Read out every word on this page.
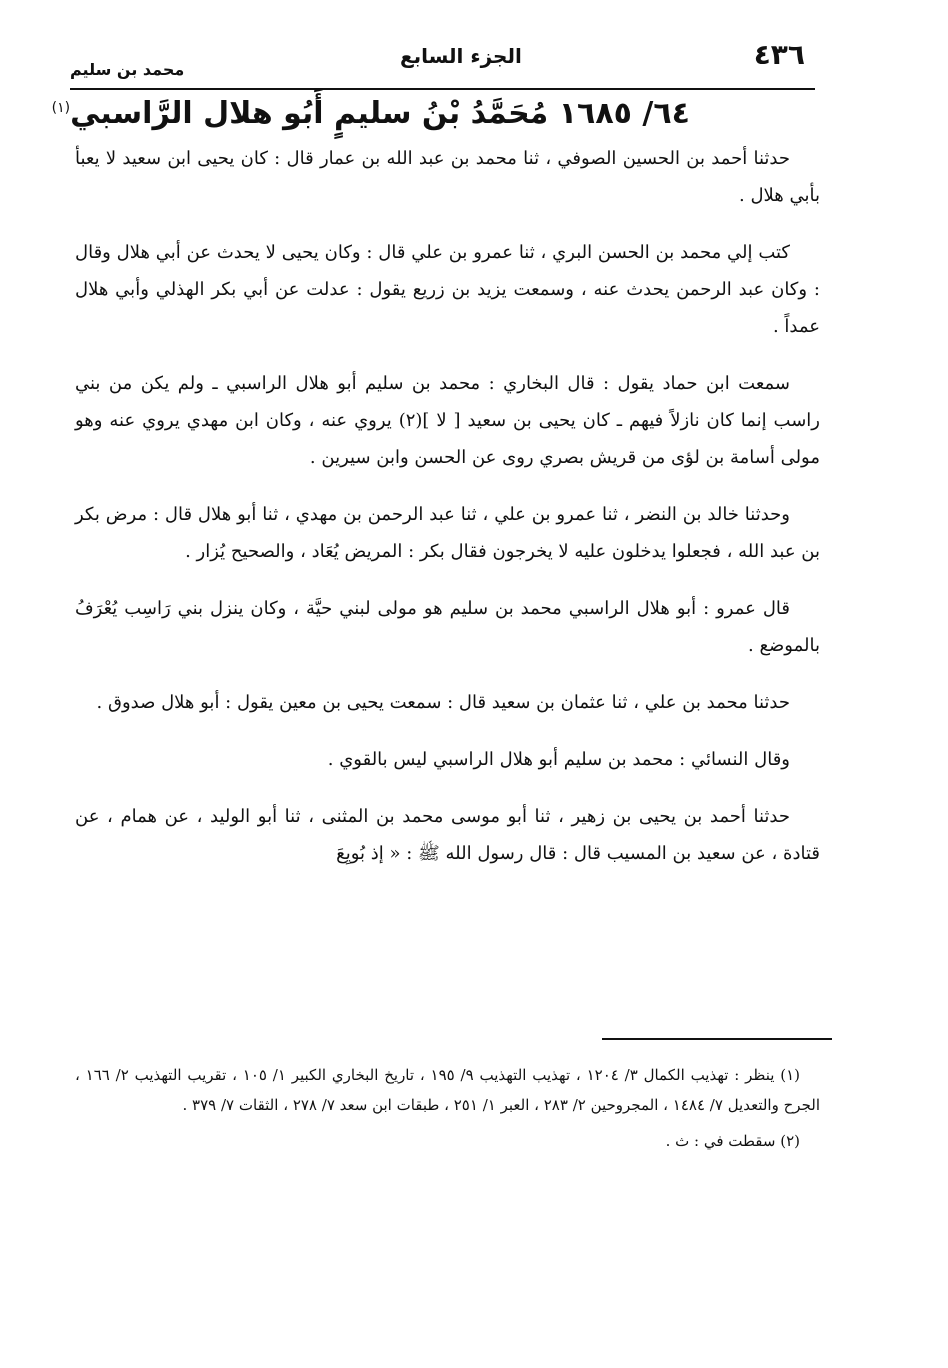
٤٣٦
الجزء السابع
محمد بن سليم
٦٤/ ١٦٨٥ مُحَمَّدُ بْنُ سليمٍ أَبُو هلال الرَّاسبي$^{(١)}$

حدثنا أحمد بن الحسين الصوفي ، ثنا محمد بن عبد الله بن عمار قال : كان يحيى ابن سعيد لا يعبأ بأبي هلال .

كتب إلي محمد بن الحسن البري ، ثنا عمرو بن علي قال : وكان يحيى لا يحدث عن أبي هلال وقال : وكان عبد الرحمن يحدث عنه ، وسمعت يزيد بن زريع يقول : عدلت عن أبي بكر الهذلي وأبي هلال عمداً .

سمعت ابن حماد يقول : قال البخاري : محمد بن سليم أبو هلال الراسبي ـ ولم يكن من بني راسب إنما كان نازلاً فيهم ـ كان يحيى بن سعيد [ لا ](٢) يروي عنه ، وكان ابن مهدي يروي عنه وهو مولى أسامة بن لؤى من قريش بصري روى عن الحسن وابن سيرين .

وحدثنا خالد بن النضر ، ثنا عمرو بن علي ، ثنا عبد الرحمن بن مهدي ، ثنا أبو هلال قال : مرض بكر بن عبد الله ، فجعلوا يدخلون عليه لا يخرجون فقال بكر : المريض يُعَاد ، والصحيح يُزار .

قال عمرو : أبو هلال الراسبي محمد بن سليم هو مولى لبني حيَّة ، وكان ينزل بني رَاسِب يُعْرَفُ بالموضع .

حدثنا محمد بن علي ، ثنا عثمان بن سعيد قال : سمعت يحيى بن معين يقول : أبو هلال صدوق .

وقال النسائي : محمد بن سليم أبو هلال الراسبي ليس بالقوي .

حدثنا أحمد بن يحيى بن زهير ، ثنا أبو موسى محمد بن المثنى ، ثنا أبو الوليد ، عن همام ، عن قتادة ، عن سعيد بن المسيب قال : قال رسول الله ﷺ : « إذ بُويِعَ

(١) ينظر : تهذيب الكمال ٣/ ١٢٠٤ ، تهذيب التهذيب ٩/ ١٩٥ ، تاريخ البخاري الكبير ١/ ١٠٥ ، تقريب التهذيب ٢/ ١٦٦ ، الجرح والتعديل ٧/ ١٤٨٤ ، المجروحين ٢/ ٢٨٣ ، العبر ١/ ٢٥١ ، طبقات ابن سعد ٧/ ٢٧٨ ، الثقات ٧/ ٣٧٩ .

(٢) سقطت في : ث .
